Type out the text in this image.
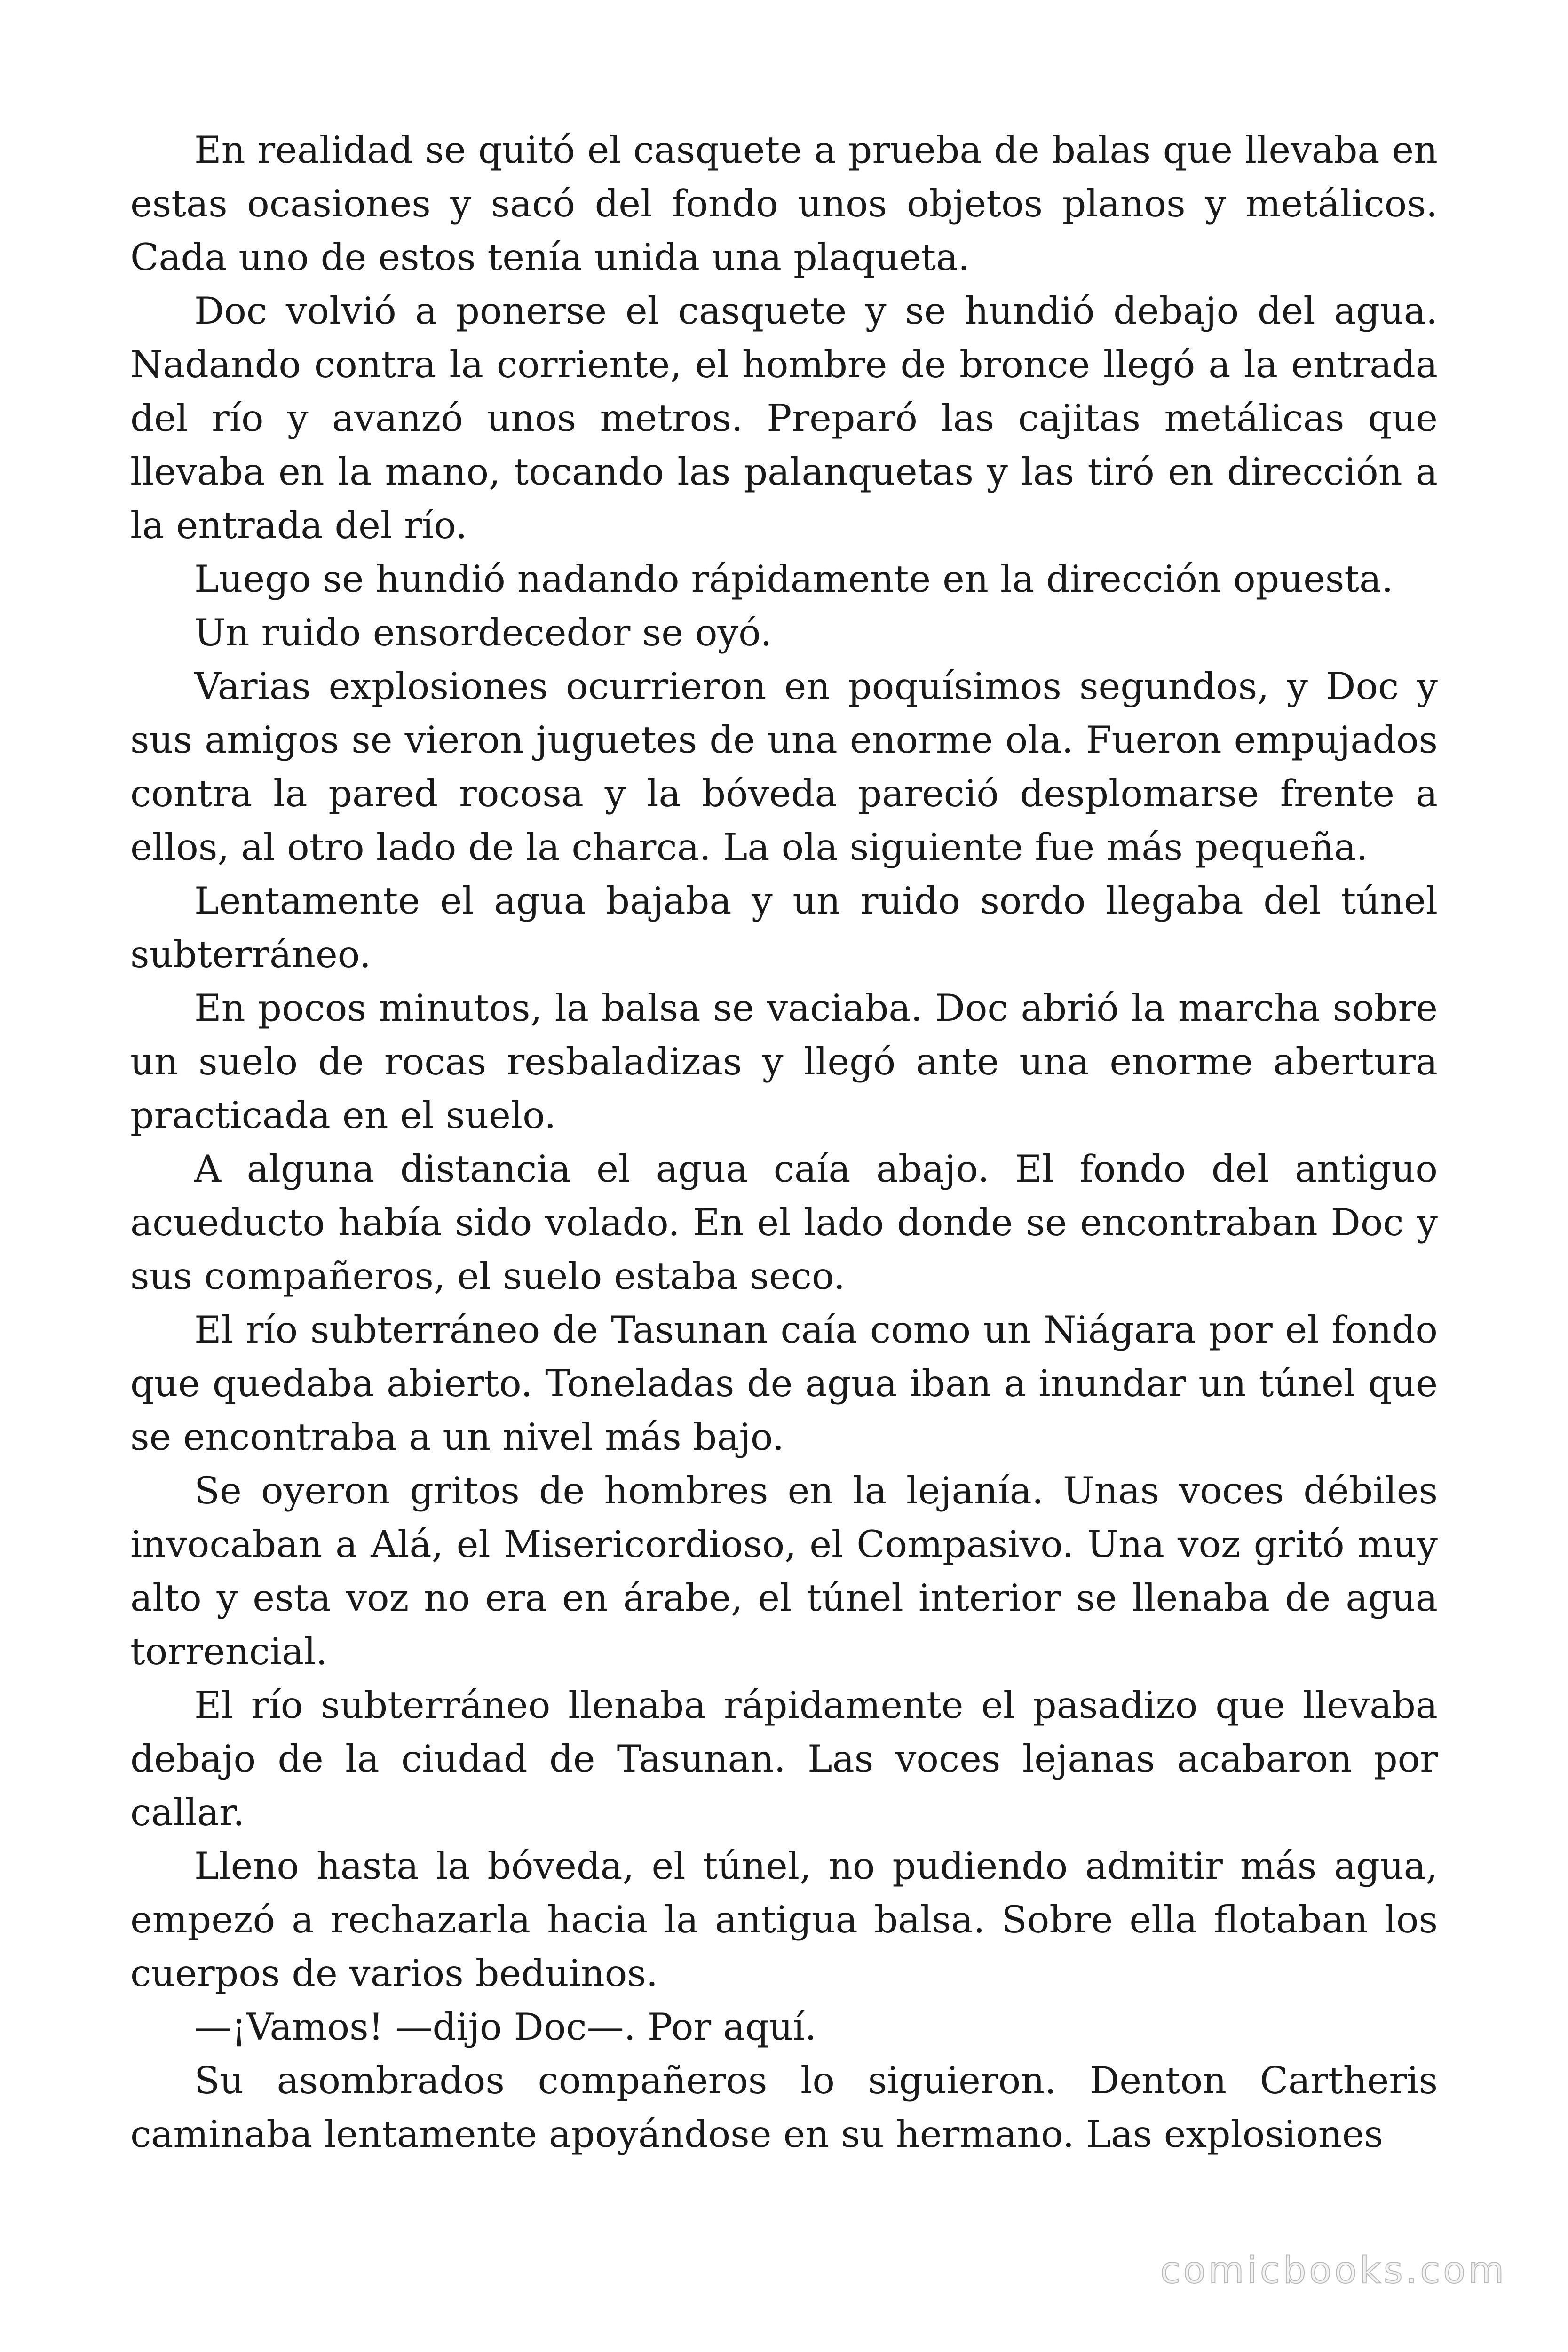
En realidad se quitó el casquete a prueba de balas que llevaba en estas ocasiones y sacó del fondo unos objetos planos y metálicos. Cada uno de estos tenía unida una plaqueta.

Doc volvió a ponerse el casquete y se hundió debajo del agua. Nadando contra la corriente, el hombre de bronce llegó a la entrada del río y avanzó unos metros. Preparó las cajitas metálicas que llevaba en la mano, tocando las palanquetas y las tiró en dirección a la entrada del río.

Luego se hundió nadando rápidamente en la dirección opuesta.

Un ruido ensordecedor se oyó.

Varias explosiones ocurrieron en poquísimos segundos, y Doc y sus amigos se vieron juguetes de una enorme ola. Fueron empujados contra la pared rocosa y la bóveda pareció desplomarse frente a ellos, al otro lado de la charca. La ola siguiente fue más pequeña.

Lentamente el agua bajaba y un ruido sordo llegaba del túnel subterráneo.

En pocos minutos, la balsa se vaciaba. Doc abrió la marcha sobre un suelo de rocas resbaladizas y llegó ante una enorme abertura practicada en el suelo.

A alguna distancia el agua caía abajo. El fondo del antiguo acueducto había sido volado. En el lado donde se encontraban Doc y sus compañeros, el suelo estaba seco.

El río subterráneo de Tasunan caía como un Niágara por el fondo que quedaba abierto. Toneladas de agua iban a inundar un túnel que se encontraba a un nivel más bajo.

Se oyeron gritos de hombres en la lejanía. Unas voces débiles invocaban a Alá, el Misericordioso, el Compasivo. Una voz gritó muy alto y esta voz no era en árabe, el túnel interior se llenaba de agua torrencial.

El río subterráneo llenaba rápidamente el pasadizo que llevaba debajo de la ciudad de Tasunan. Las voces lejanas acabaron por callar.

Lleno hasta la bóveda, el túnel, no pudiendo admitir más agua, empezó a rechazarla hacia la antigua balsa. Sobre ella flotaban los cuerpos de varios beduinos.

—¡Vamos! —dijo Doc—. Por aquí.

Su asombrados compañeros lo siguieron. Denton Cartheris caminaba lentamente apoyándose en su hermano. Las explosiones

comicbooks.com
